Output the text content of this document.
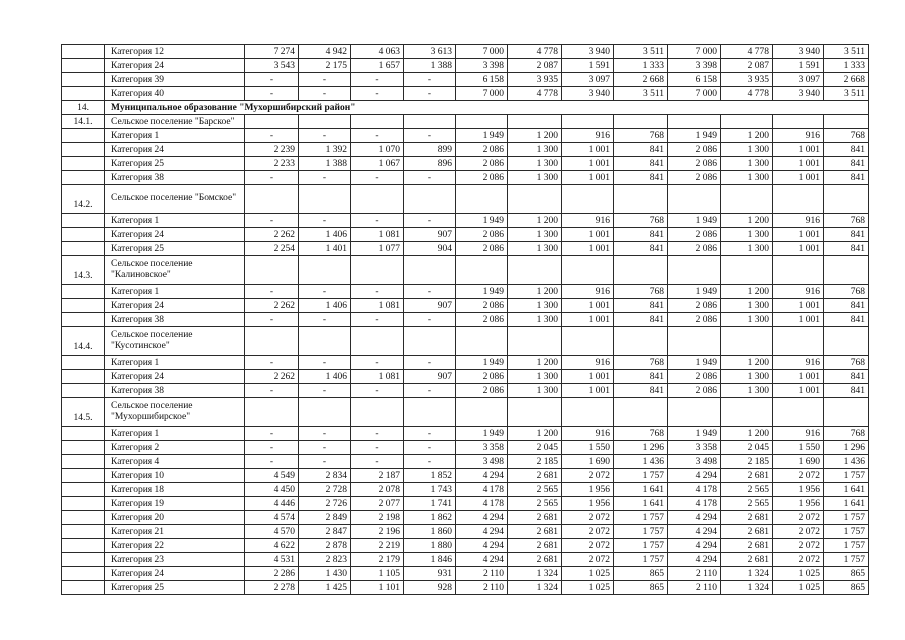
	Категория 12	7 274	4 942	4 063	3 613	7 000	4 778	3 940	3 511	7 000	4 778	3 940	3 511
	Категория 24	3 543	2 175	1 657	1 388	3 398	2 087	1 591	1 333	3 398	2 087	1 591	1 333
	Категория 39	-	-	-	-	6 158	3 935	3 097	2 668	6 158	3 935	3 097	2 668
	Категория 40	-	-	-	-	7 000	4 778	3 940	3 511	7 000	4 778	3 940	3 511
14.	Муниципальное образование "Мухоршибирский район"												
14.1.	Сельское поселение "Барское"												
	Категория 1	-	-	-	-	1 949	1 200	916	768	1 949	1 200	916	768
	Категория 24	2 239	1 392	1 070	899	2 086	1 300	1 001	841	2 086	1 300	1 001	841
	Категория 25	2 233	1 388	1 067	896	2 086	1 300	1 001	841	2 086	1 300	1 001	841
	Категория 38	-	-	-	-	2 086	1 300	1 001	841	2 086	1 300	1 001	841
14.2.	Сельское поселение "Бомское"												
	Категория 1	-	-	-	-	1 949	1 200	916	768	1 949	1 200	916	768
	Категория 24	2 262	1 406	1 081	907	2 086	1 300	1 001	841	2 086	1 300	1 001	841
	Категория 25	2 254	1 401	1 077	904	2 086	1 300	1 001	841	2 086	1 300	1 001	841
14.3.	Сельское поселение "Калиновское"												
	Категория 1	-	-	-	-	1 949	1 200	916	768	1 949	1 200	916	768
	Категория 24	2 262	1 406	1 081	907	2 086	1 300	1 001	841	2 086	1 300	1 001	841
	Категория 38	-	-	-	-	2 086	1 300	1 001	841	2 086	1 300	1 001	841
14.4.	Сельское поселение "Кусотинское"												
	Категория 1	-	-	-	-	1 949	1 200	916	768	1 949	1 200	916	768
	Категория 24	2 262	1 406	1 081	907	2 086	1 300	1 001	841	2 086	1 300	1 001	841
	Категория 38	-	-	-	-	2 086	1 300	1 001	841	2 086	1 300	1 001	841
14.5.	Сельское поселение "Мухоршибирское"												
	Категория 1	-	-	-	-	1 949	1 200	916	768	1 949	1 200	916	768
	Категория 2	-	-	-	-	3 358	2 045	1 550	1 296	3 358	2 045	1 550	1 296
	Категория 4	-	-	-	-	3 498	2 185	1 690	1 436	3 498	2 185	1 690	1 436
	Категория 10	4 549	2 834	2 187	1 852	4 294	2 681	2 072	1 757	4 294	2 681	2 072	1 757
	Категория 18	4 450	2 728	2 078	1 743	4 178	2 565	1 956	1 641	4 178	2 565	1 956	1 641
	Категория 19	4 446	2 726	2 077	1 741	4 178	2 565	1 956	1 641	4 178	2 565	1 956	1 641
	Категория 20	4 574	2 849	2 198	1 862	4 294	2 681	2 072	1 757	4 294	2 681	2 072	1 757
	Категория 21	4 570	2 847	2 196	1 860	4 294	2 681	2 072	1 757	4 294	2 681	2 072	1 757
	Категория 22	4 622	2 878	2 219	1 880	4 294	2 681	2 072	1 757	4 294	2 681	2 072	1 757
	Категория 23	4 531	2 823	2 179	1 846	4 294	2 681	2 072	1 757	4 294	2 681	2 072	1 757
	Категория 24	2 286	1 430	1 105	931	2 110	1 324	1 025	865	2 110	1 324	1 025	865
	Категория 25	2 278	1 425	1 101	928	2 110	1 324	1 025	865	2 110	1 324	1 025	865
